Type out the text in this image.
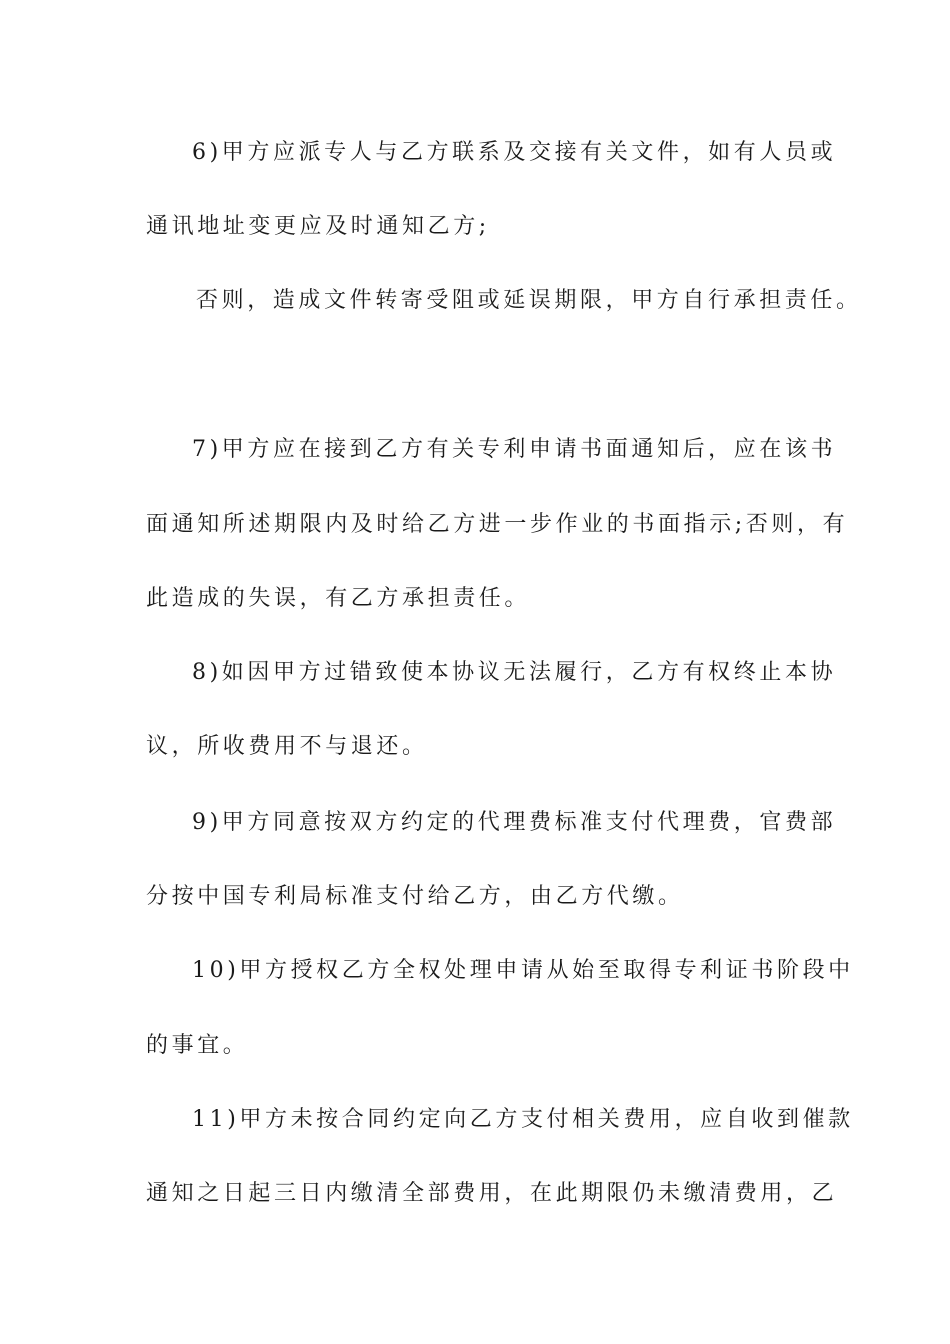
6)甲方应派专人与乙方联系及交接有关文件，如有人员或
通讯地址变更应及时通知乙方;
否则，造成文件转寄受阻或延误期限，甲方自行承担责任。
7)甲方应在接到乙方有关专利申请书面通知后，应在该书
面通知所述期限内及时给乙方进一步作业的书面指示;否则，有
此造成的失误，有乙方承担责任。
8)如因甲方过错致使本协议无法履行，乙方有权终止本协
议，所收费用不与退还。
9)甲方同意按双方约定的代理费标准支付代理费，官费部
分按中国专利局标准支付给乙方，由乙方代缴。
10)甲方授权乙方全权处理申请从始至取得专利证书阶段中
的事宜。
11)甲方未按合同约定向乙方支付相关费用，应自收到催款
通知之日起三日内缴清全部费用，在此期限仍未缴清费用，乙
